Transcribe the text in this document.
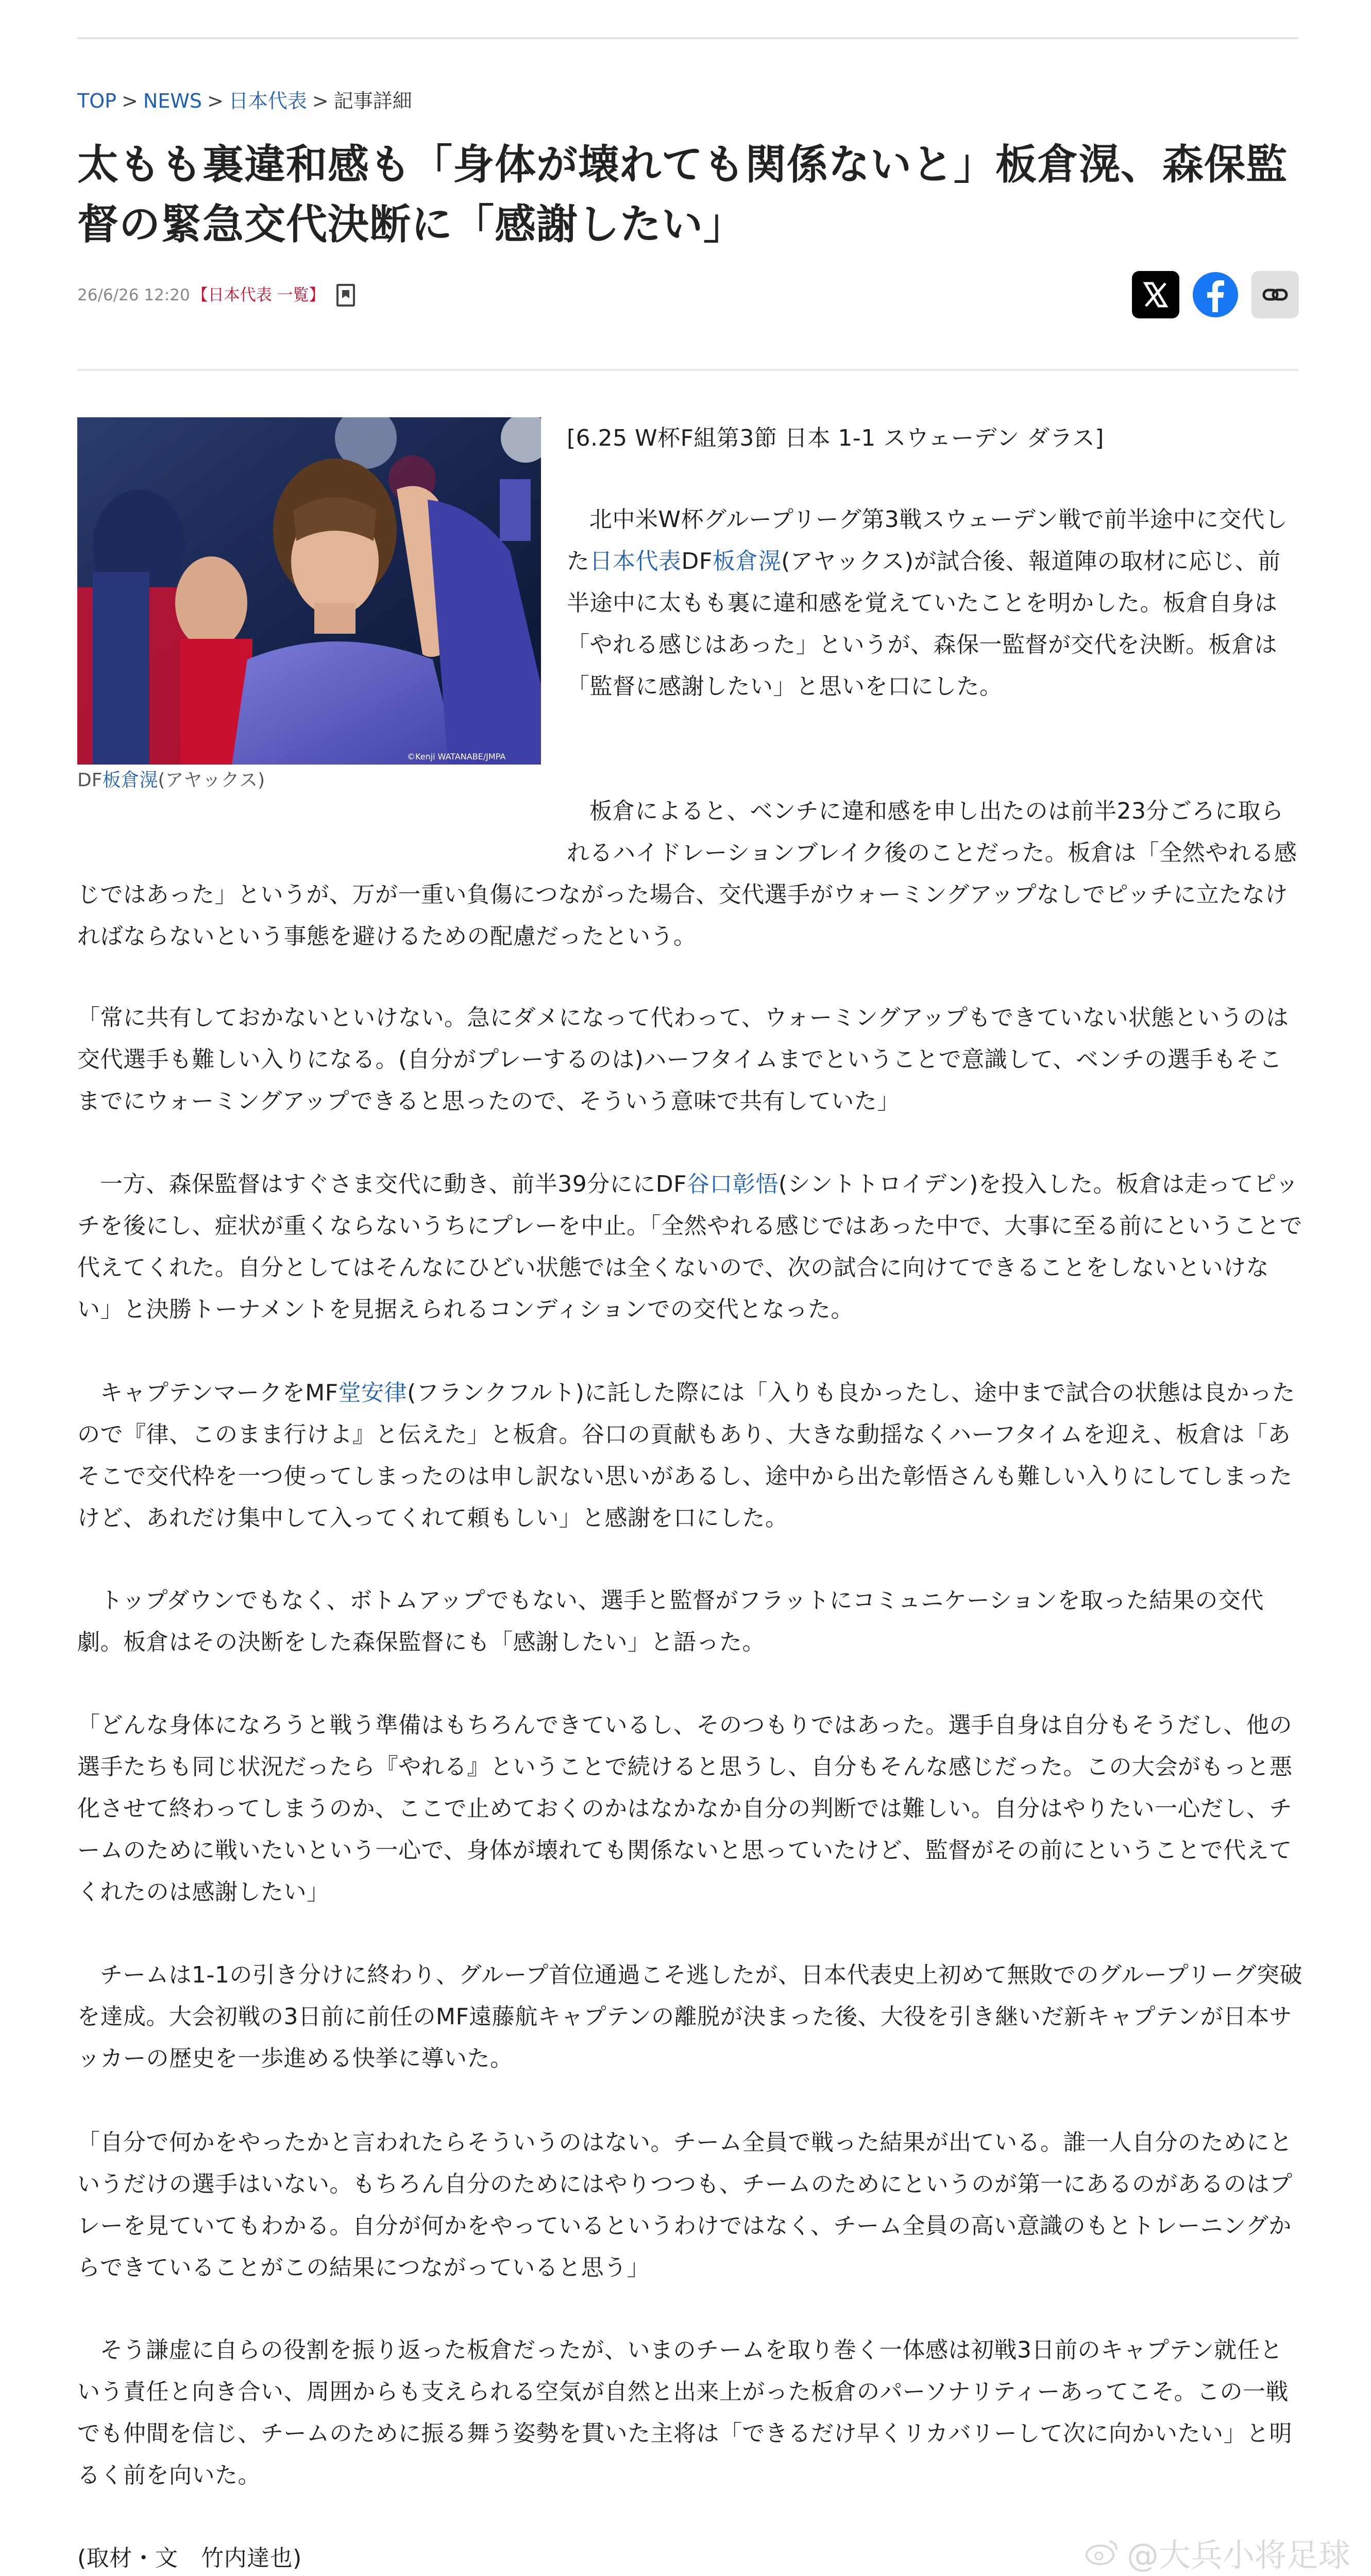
TOP > NEWS > 日本代表 > 記事詳細
太もも裏違和感も「身体が壊れても関係ないと」板倉滉、森保監督の緊急交代決断に「感謝したい」
26/6/26 12:20 【日本代表 一覧】
©Kenji WATANABE/JMPA
DF板倉滉(アヤックス)
[6.25 W杯F組第3節 日本 1-1 スウェーデン ダラス]
北中米W杯グループリーグ第3戦スウェーデン戦で前半途中に交代した日本代表DF板倉滉(アヤックス)が試合後、報道陣の取材に応じ、前半途中に太もも裏に違和感を覚えていたことを明かした。板倉自身は「やれる感じはあった」というが、森保一監督が交代を決断。板倉は「監督に感謝したい」と思いを口にした。
板倉によると、ベンチに違和感を申し出たのは前半23分ごろに取られるハイドレーションブレイク後のことだった。板倉は「全然やれる感じではあった」というが、万が一重い負傷につながった場合、交代選手がウォーミングアップなしでピッチに立たなければならないという事態を避けるための配慮だったという。
「常に共有しておかないといけない。急にダメになって代わって、ウォーミングアップもできていない状態というのは交代選手も難しい入りになる。(自分がプレーするのは)ハーフタイムまでということで意識して、ベンチの選手もそこまでにウォーミングアップできると思ったので、そういう意味で共有していた」
一方、森保監督はすぐさま交代に動き、前半39分ににDF谷口彰悟(シントトロイデン)を投入した。板倉は走ってピッチを後にし、症状が重くならないうちにプレーを中止。「全然やれる感じではあった中で、大事に至る前にということで代えてくれた。自分としてはそんなにひどい状態では全くないので、次の試合に向けてできることをしないといけない」と決勝トーナメントを見据えられるコンディションでの交代となった。
キャプテンマークをMF堂安律(フランクフルト)に託した際には「入りも良かったし、途中まで試合の状態は良かったので『律、このまま行けよ』と伝えた」と板倉。谷口の貢献もあり、大きな動揺なくハーフタイムを迎え、板倉は「あそこで交代枠を一つ使ってしまったのは申し訳ない思いがあるし、途中から出た彰悟さんも難しい入りにしてしまったけど、あれだけ集中して入ってくれて頼もしい」と感謝を口にした。
トップダウンでもなく、ボトムアップでもない、選手と監督がフラットにコミュニケーションを取った結果の交代劇。板倉はその決断をした森保監督にも「感謝したい」と語った。
「どんな身体になろうと戦う準備はもちろんできているし、そのつもりではあった。選手自身は自分もそうだし、他の選手たちも同じ状況だったら『やれる』ということで続けると思うし、自分もそんな感じだった。この大会がもっと悪化させて終わってしまうのか、ここで止めておくのかはなかなか自分の判断では難しい。自分はやりたい一心だし、チームのために戦いたいという一心で、身体が壊れても関係ないと思っていたけど、監督がその前にということで代えてくれたのは感謝したい」
チームは1-1の引き分けに終わり、グループ首位通過こそ逃したが、日本代表史上初めて無敗でのグループリーグ突破を達成。大会初戦の3日前に前任のMF遠藤航キャプテンの離脱が決まった後、大役を引き継いだ新キャプテンが日本サッカーの歴史を一歩進める快挙に導いた。
「自分で何かをやったかと言われたらそういうのはない。チーム全員で戦った結果が出ている。誰一人自分のためにというだけの選手はいない。もちろん自分のためにはやりつつも、チームのためにというのが第一にあるのがあるのはプレーを見ていてもわかる。自分が何かをやっているというわけではなく、チーム全員の高い意識のもとトレーニングからできていることがこの結果につながっていると思う」
そう謙虚に自らの役割を振り返った板倉だったが、いまのチームを取り巻く一体感は初戦3日前のキャプテン就任という責任と向き合い、周囲からも支えられる空気が自然と出来上がった板倉のパーソナリティーあってこそ。この一戦でも仲間を信じ、チームのために振る舞う姿勢を貫いた主将は「できるだけ早くリカバリーして次に向かいたい」と明るく前を向いた。
(取材・文　竹内達也)	@大兵小将足球
